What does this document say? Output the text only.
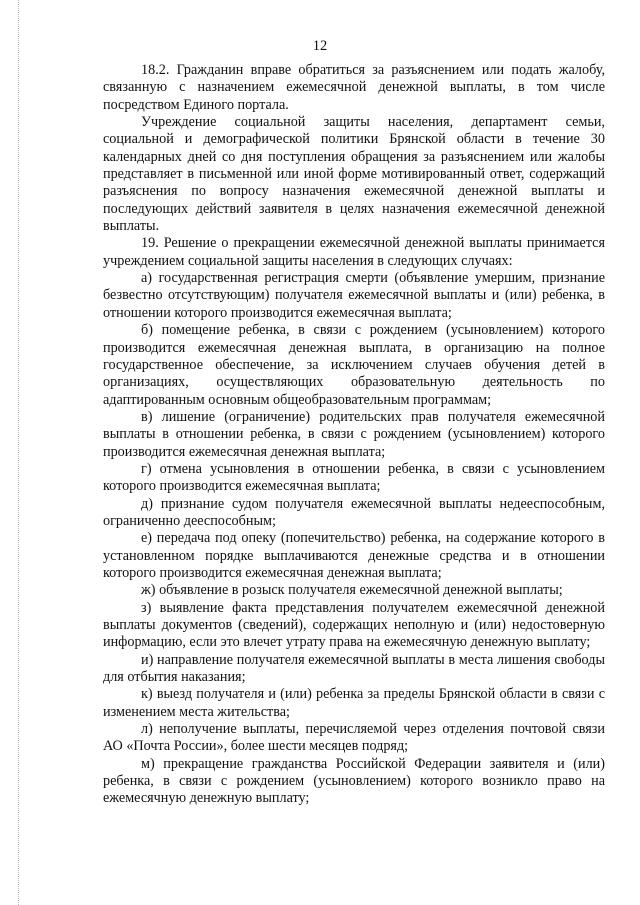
12

18.2. Гражданин вправе обратиться за разъяснением или подать жалобу, связанную с назначением ежемесячной денежной выплаты, в том числе посредством Единого портала.

Учреждение социальной защиты населения, департамент семьи, социальной и демографической политики Брянской области в течение 30 календарных дней со дня поступления обращения за разъяснением или жалобы представляет в письменной или иной форме мотивированный ответ, содержащий разъяснения по вопросу назначения ежемесячной денежной выплаты и последующих действий заявителя в целях назначения ежемесячной денежной выплаты.

19. Решение о прекращении ежемесячной денежной выплаты принимается учреждением социальной защиты населения в следующих случаях:

а) государственная регистрация смерти (объявление умершим, признание безвестно отсутствующим) получателя ежемесячной выплаты и (или) ребенка, в отношении которого производится ежемесячная выплата;

б) помещение ребенка, в связи с рождением (усыновлением) которого производится ежемесячная денежная выплата, в организацию на полное государственное обеспечение, за исключением случаев обучения детей в организациях, осуществляющих образовательную деятельность по адаптированным основным общеобразовательным программам;

в) лишение (ограничение) родительских прав получателя ежемесячной выплаты в отношении ребенка, в связи с рождением (усыновлением) которого производится ежемесячная денежная выплата;

г) отмена усыновления в отношении ребенка, в связи с усыновлением которого производится ежемесячная выплата;

д) признание судом получателя ежемесячной выплаты недееспособным, ограниченно дееспособным;

е) передача под опеку (попечительство) ребенка, на содержание которого в установленном порядке выплачиваются денежные средства и в отношении которого производится ежемесячная денежная выплата;

ж) объявление в розыск получателя ежемесячной денежной выплаты;

з) выявление факта представления получателем ежемесячной денежной выплаты документов (сведений), содержащих неполную и (или) недостоверную информацию, если это влечет утрату права на ежемесячную денежную выплату;

и) направление получателя ежемесячной выплаты в места лишения свободы для отбытия наказания;

к) выезд получателя и (или) ребенка за пределы Брянской области в связи с изменением места жительства;

л) неполучение выплаты, перечисляемой через отделения почтовой связи АО «Почта России», более шести месяцев подряд;

м) прекращение гражданства Российской Федерации заявителя и (или) ребенка, в связи с рождением (усыновлением) которого возникло право на ежемесячную денежную выплату;
